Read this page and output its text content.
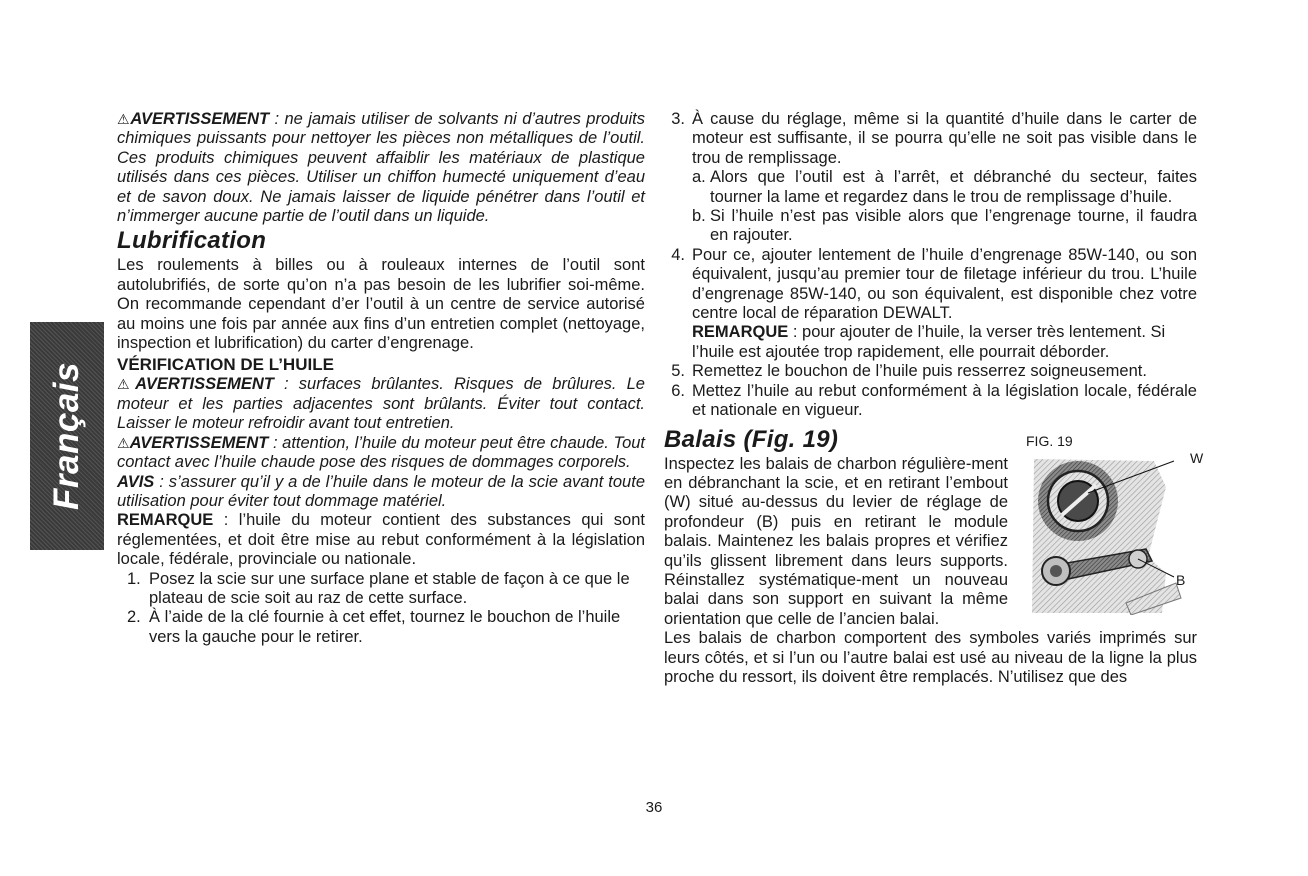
Français

⚠AVERTISSEMENT : ne jamais utiliser de solvants ni d’autres produits chimiques puissants pour nettoyer les pièces non métalliques de l’outil. Ces produits chimiques peuvent affaiblir les matériaux de plastique utilisés dans ces pièces. Utiliser un chiffon humecté uniquement d’eau et de savon doux. Ne jamais laisser de liquide pénétrer dans l’outil et n’immerger aucune partie de l’outil dans un liquide.

Lubrification

Les roulements à billes ou à rouleaux internes de l’outil sont autolubrifiés, de sorte qu’on n’a pas besoin de les lubrifier soi-même. On recommande cependant d’er l’outil à un centre de service autorisé au moins une fois par année aux fins d’un entretien complet (nettoyage, inspection et lubrification) du carter d’engrenage.

VÉRIFICATION DE L’HUILE

⚠AVERTISSEMENT : surfaces brûlantes. Risques de brûlures. Le moteur et les parties adjacentes sont brûlants. Éviter tout contact. Laisser le moteur refroidir avant tout entretien.

⚠AVERTISSEMENT : attention, l’huile du moteur peut être chaude. Tout contact avec l’huile chaude pose des risques de dommages corporels.

AVIS : s’assurer qu’il y a de l’huile dans le moteur de la scie avant toute utilisation pour éviter tout dommage matériel.

REMARQUE : l’huile du moteur contient des substances qui sont réglementées, et doit être mise au rebut conformément à la législation locale, fédérale, provinciale ou nationale.

1. Posez la scie sur une surface plane et stable de façon à ce que le plateau de scie soit au raz de cette surface.
2. À l’aide de la clé fournie à cet effet, tournez le bouchon de l’huile vers la gauche pour le retirer.
3. À cause du réglage, même si la quantité d’huile dans le carter de moteur est suffisante, il se pourra qu’elle ne soit pas visible dans le trou de remplissage.
a. Alors que l’outil est à l’arrêt, et débranché du secteur, faites tourner la lame et regardez dans le trou de remplissage d’huile.
b. Si l’huile n’est pas visible alors que l’engrenage tourne, il faudra en rajouter.
4. Pour ce, ajouter lentement de l’huile d’engrenage 85W-140, ou son équivalent, jusqu’au premier tour de filetage inférieur du trou. L’huile d’engrenage 85W-140, ou son équivalent, est disponible chez votre centre local de réparation DEWALT.
REMARQUE : pour ajouter de l’huile, la verser très lentement. Si l’huile est ajoutée trop rapidement, elle pourrait déborder.
5. Remettez le bouchon de l’huile puis resserrez soigneusement.
6. Mettez l’huile au rebut conformément à la législation locale, fédérale et nationale en vigueur.
Balais (Fig. 19)

Inspectez les balais de charbon régulière-ment en débranchant la scie, et en retirant l’embout (W) situé au-dessus du levier de réglage de profondeur (B) puis en retirant le module balais. Maintenez les balais propres et vérifiez qu’ils glissent librement dans leurs supports. Réinstallez systématique-ment un nouveau balai dans son support en suivant la même orientation que celle de l’ancien balai.

FIG. 19
W
B

Les balais de charbon comportent des symboles variés imprimés sur leurs côtés, et si l’un ou l’autre balai est usé au niveau de la ligne la plus proche du ressort, ils doivent être remplacés. N’utilisez que des

36
